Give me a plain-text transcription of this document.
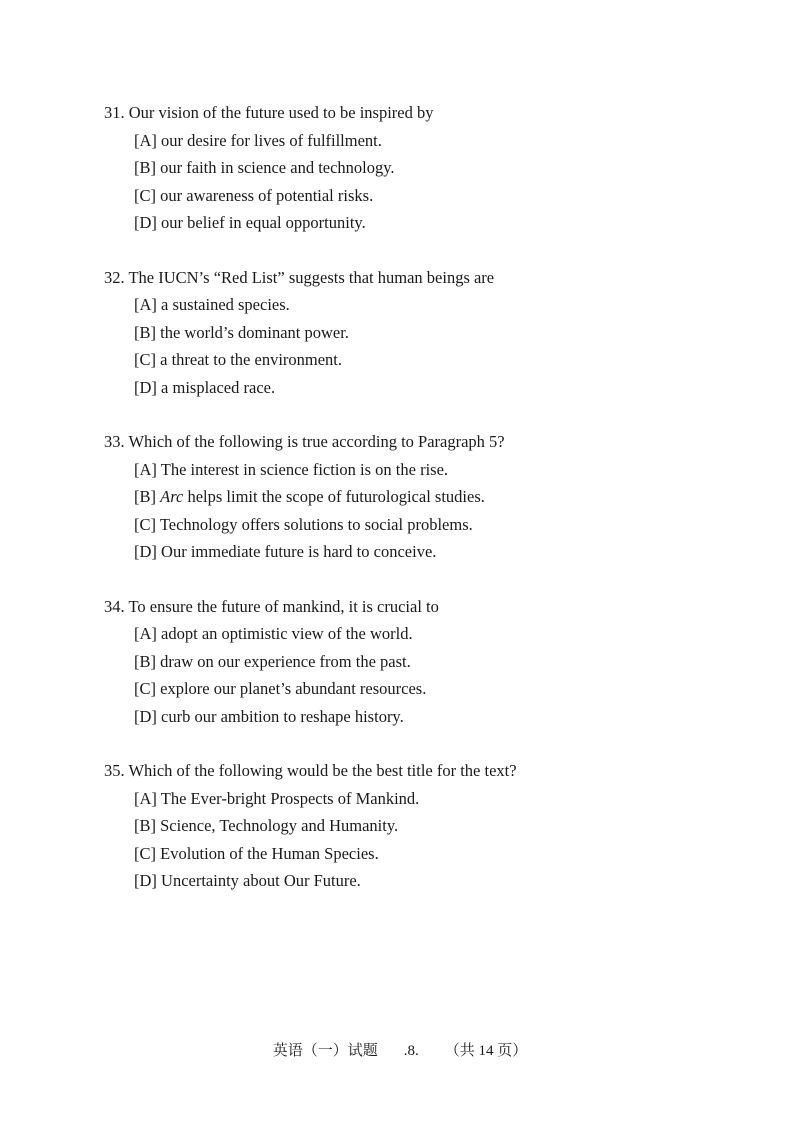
31. Our vision of the future used to be inspired by
[A] our desire for lives of fulfillment.
[B] our faith in science and technology.
[C] our awareness of potential risks.
[D] our belief in equal opportunity.
32. The IUCN’s “Red List” suggests that human beings are
[A] a sustained species.
[B] the world’s dominant power.
[C] a threat to the environment.
[D] a misplaced race.
33. Which of the following is true according to Paragraph 5?
[A] The interest in science fiction is on the rise.
[B] Arc helps limit the scope of futurological studies.
[C] Technology offers solutions to social problems.
[D] Our immediate future is hard to conceive.
34. To ensure the future of mankind, it is crucial to
[A] adopt an optimistic view of the world.
[B] draw on our experience from the past.
[C] explore our planet’s abundant resources.
[D] curb our ambition to reshape history.
35. Which of the following would be the best title for the text?
[A] The Ever-bright Prospects of Mankind.
[B] Science, Technology and Humanity.
[C] Evolution of the Human Species.
[D] Uncertainty about Our Future.
英语（一）试题 .8. （共 14 页）
